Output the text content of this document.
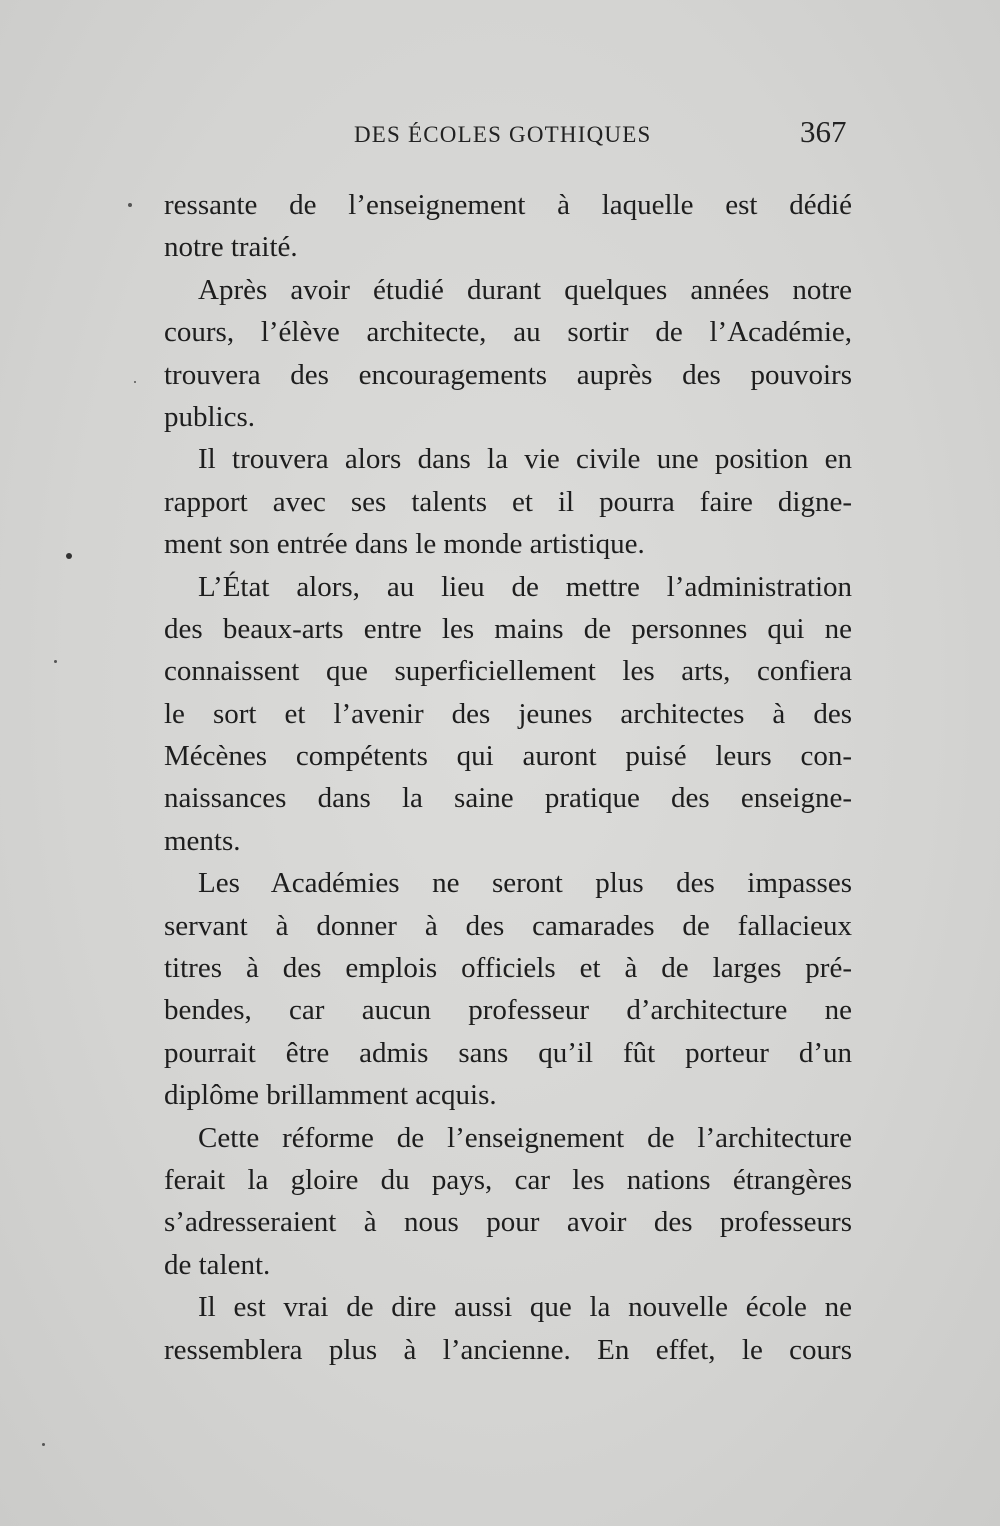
DES ÉCOLES GOTHIQUES	367
ressante de l’enseignement à laquelle est dédié
notre traité.
Après avoir étudié durant quelques années notre
cours, l’élève architecte, au sortir de l’Académie,
trouvera des encouragements auprès des pouvoirs
publics.
Il trouvera alors dans la vie civile une position en
rapport avec ses talents et il pourra faire digne-
ment son entrée dans le monde artistique.
L’État alors, au lieu de mettre l’administration
des beaux-arts entre les mains de personnes qui ne
connaissent que superficiellement les arts, confiera
le sort et l’avenir des jeunes architectes à des
Mécènes compétents qui auront puisé leurs con-
naissances dans la saine pratique des enseigne-
ments.
Les Académies ne seront plus des impasses
servant à donner à des camarades de fallacieux
titres à des emplois officiels et à de larges pré-
bendes, car aucun professeur d’architecture ne
pourrait être admis sans qu’il fût porteur d’un
diplôme brillamment acquis.
Cette réforme de l’enseignement de l’architecture
ferait la gloire du pays, car les nations étrangères
s’adresseraient à nous pour avoir des professeurs
de talent.
Il est vrai de dire aussi que la nouvelle école ne
ressemblera plus à l’ancienne. En effet, le cours
